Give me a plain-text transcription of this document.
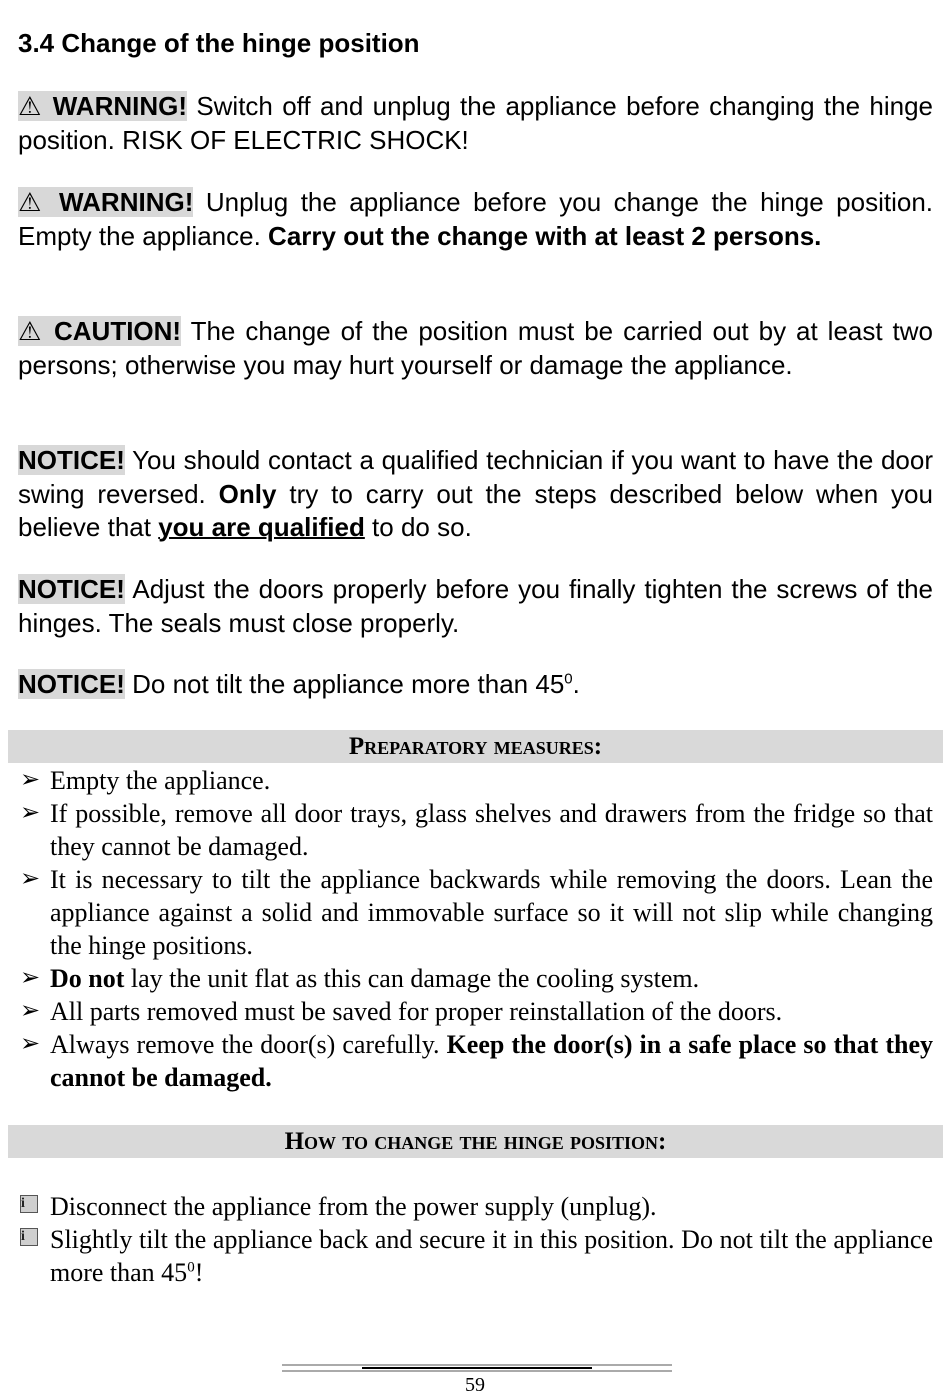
3.4 Change of the hinge position
⚠ WARNING! Switch off and unplug the appliance before changing the hinge position. RISK OF ELECTRIC SHOCK!
⚠ WARNING! Unplug the appliance before you change the hinge position. Empty the appliance. Carry out the change with at least 2 persons.
⚠ CAUTION! The change of the position must be carried out by at least two persons; otherwise you may hurt yourself or damage the appliance.
NOTICE! You should contact a qualified technician if you want to have the door swing reversed. Only try to carry out the steps described below when you believe that you are qualified to do so.
NOTICE! Adjust the doors properly before you finally tighten the screws of the hinges. The seals must close properly.
NOTICE! Do not tilt the appliance more than $45^0$.
Preparatory measures:
➢ Empty the appliance.
➢ If possible, remove all door trays, glass shelves and drawers from the fridge so that they cannot be damaged.
➢ It is necessary to tilt the appliance backwards while removing the doors. Lean the appliance against a solid and immovable surface so it will not slip while changing the hinge positions.
➢ Do not lay the unit flat as this can damage the cooling system.
➢ All parts removed must be saved for proper reinstallation of the doors.
➢ Always remove the door(s) carefully. Keep the door(s) in a safe place so that they cannot be damaged.
How to change the hinge position:
i Disconnect the appliance from the power supply (unplug).
i Slightly tilt the appliance back and secure it in this position. Do not tilt the appliance more than $45^0$!
59
